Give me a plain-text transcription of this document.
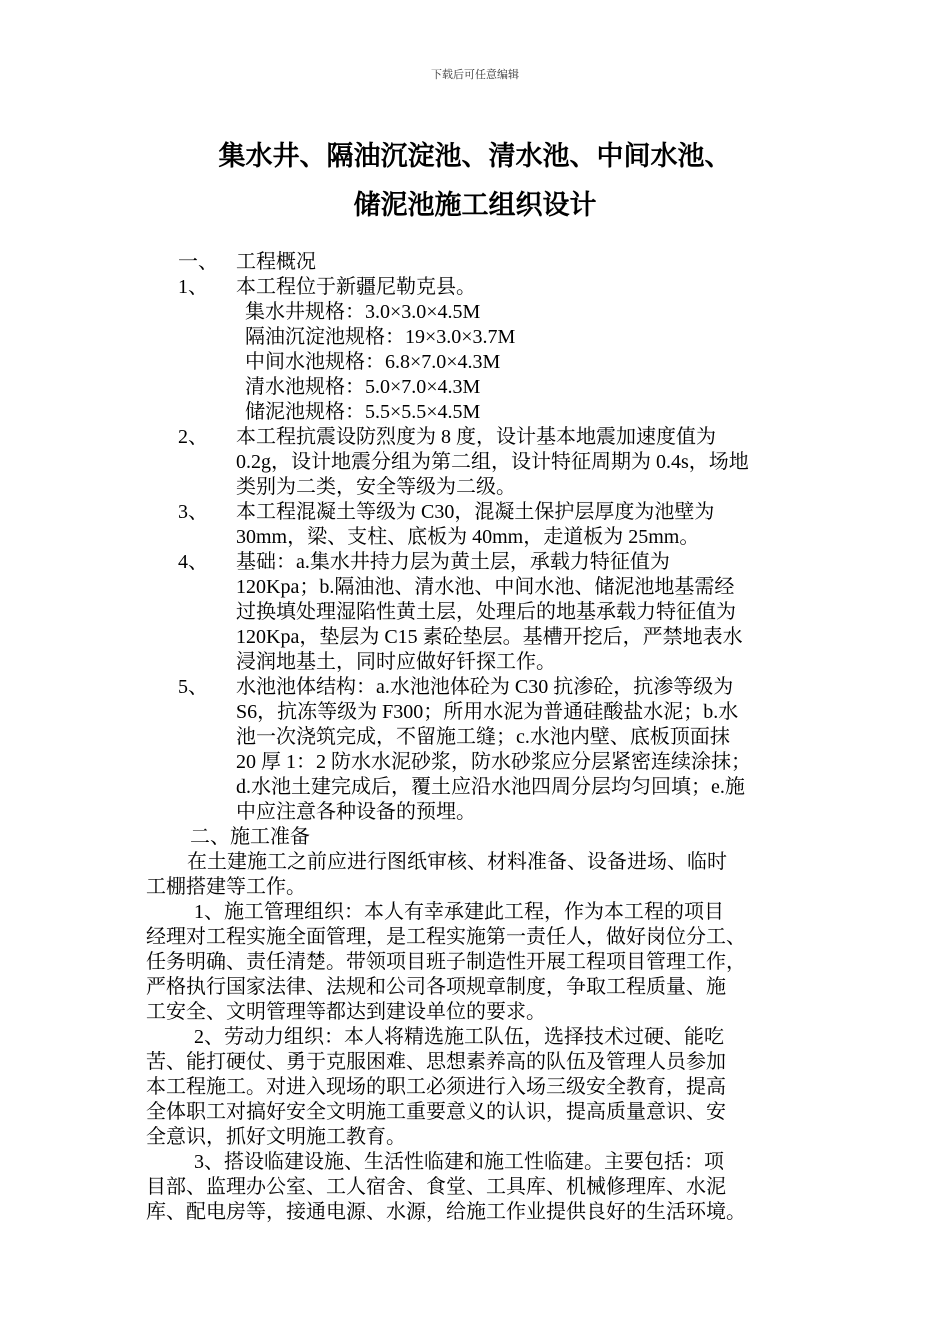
下载后可任意编辑
集水井、隔油沉淀池、清水池、中间水池、
储泥池施工组织设计
一、 工程概况
1、 本工程位于新疆尼勒克县。
集水井规格：3.0×3.0×4.5M
隔油沉淀池规格：19×3.0×3.7M
中间水池规格：6.8×7.0×4.3M
清水池规格：5.0×7.0×4.3M
储泥池规格：5.5×5.5×4.5M
2、 本工程抗震设防烈度为 8 度，设计基本地震加速度值为
0.2g，设计地震分组为第二组，设计特征周期为 0.4s，场地
类别为二类，安全等级为二级。
3、 本工程混凝土等级为 C30，混凝土保护层厚度为池壁为
30mm，梁、支柱、底板为 40mm，走道板为 25mm。
4、 基础：a.集水井持力层为黄土层，承载力特征值为
120Kpa；b.隔油池、清水池、中间水池、储泥池地基需经
过换填处理湿陷性黄土层，处理后的地基承载力特征值为
120Kpa，垫层为 C15 素砼垫层。基槽开挖后，严禁地表水
浸润地基土，同时应做好钎探工作。
5、 水池池体结构：a.水池池体砼为 C30 抗渗砼，抗渗等级为
S6，抗冻等级为 F300；所用水泥为普通硅酸盐水泥；b.水
池一次浇筑完成，不留施工缝；c.水池内壁、底板顶面抹
20 厚 1：2 防水水泥砂浆，防水砂浆应分层紧密连续涂抹；
d.水池土建完成后，覆土应沿水池四周分层均匀回填；e.施
中应注意各种设备的预埋。
二、施工准备
在土建施工之前应进行图纸审核、材料准备、设备进场、临时
工棚搭建等工作。
1、施工管理组织：本人有幸承建此工程，作为本工程的项目
经理对工程实施全面管理，是工程实施第一责任人，做好岗位分工、
任务明确、责任清楚。带领项目班子制造性开展工程项目管理工作，
严格执行国家法律、法规和公司各项规章制度，争取工程质量、施
工安全、文明管理等都达到建设单位的要求。
2、劳动力组织：本人将精选施工队伍，选择技术过硬、能吃
苦、能打硬仗、勇于克服困难、思想素养高的队伍及管理人员参加
本工程施工。对进入现场的职工必须进行入场三级安全教育，提高
全体职工对搞好安全文明施工重要意义的认识，提高质量意识、安
全意识，抓好文明施工教育。
3、搭设临建设施、生活性临建和施工性临建。主要包括：项
目部、监理办公室、工人宿舍、食堂、工具库、机械修理库、水泥
库、配电房等，接通电源、水源，给施工作业提供良好的生活环境。
